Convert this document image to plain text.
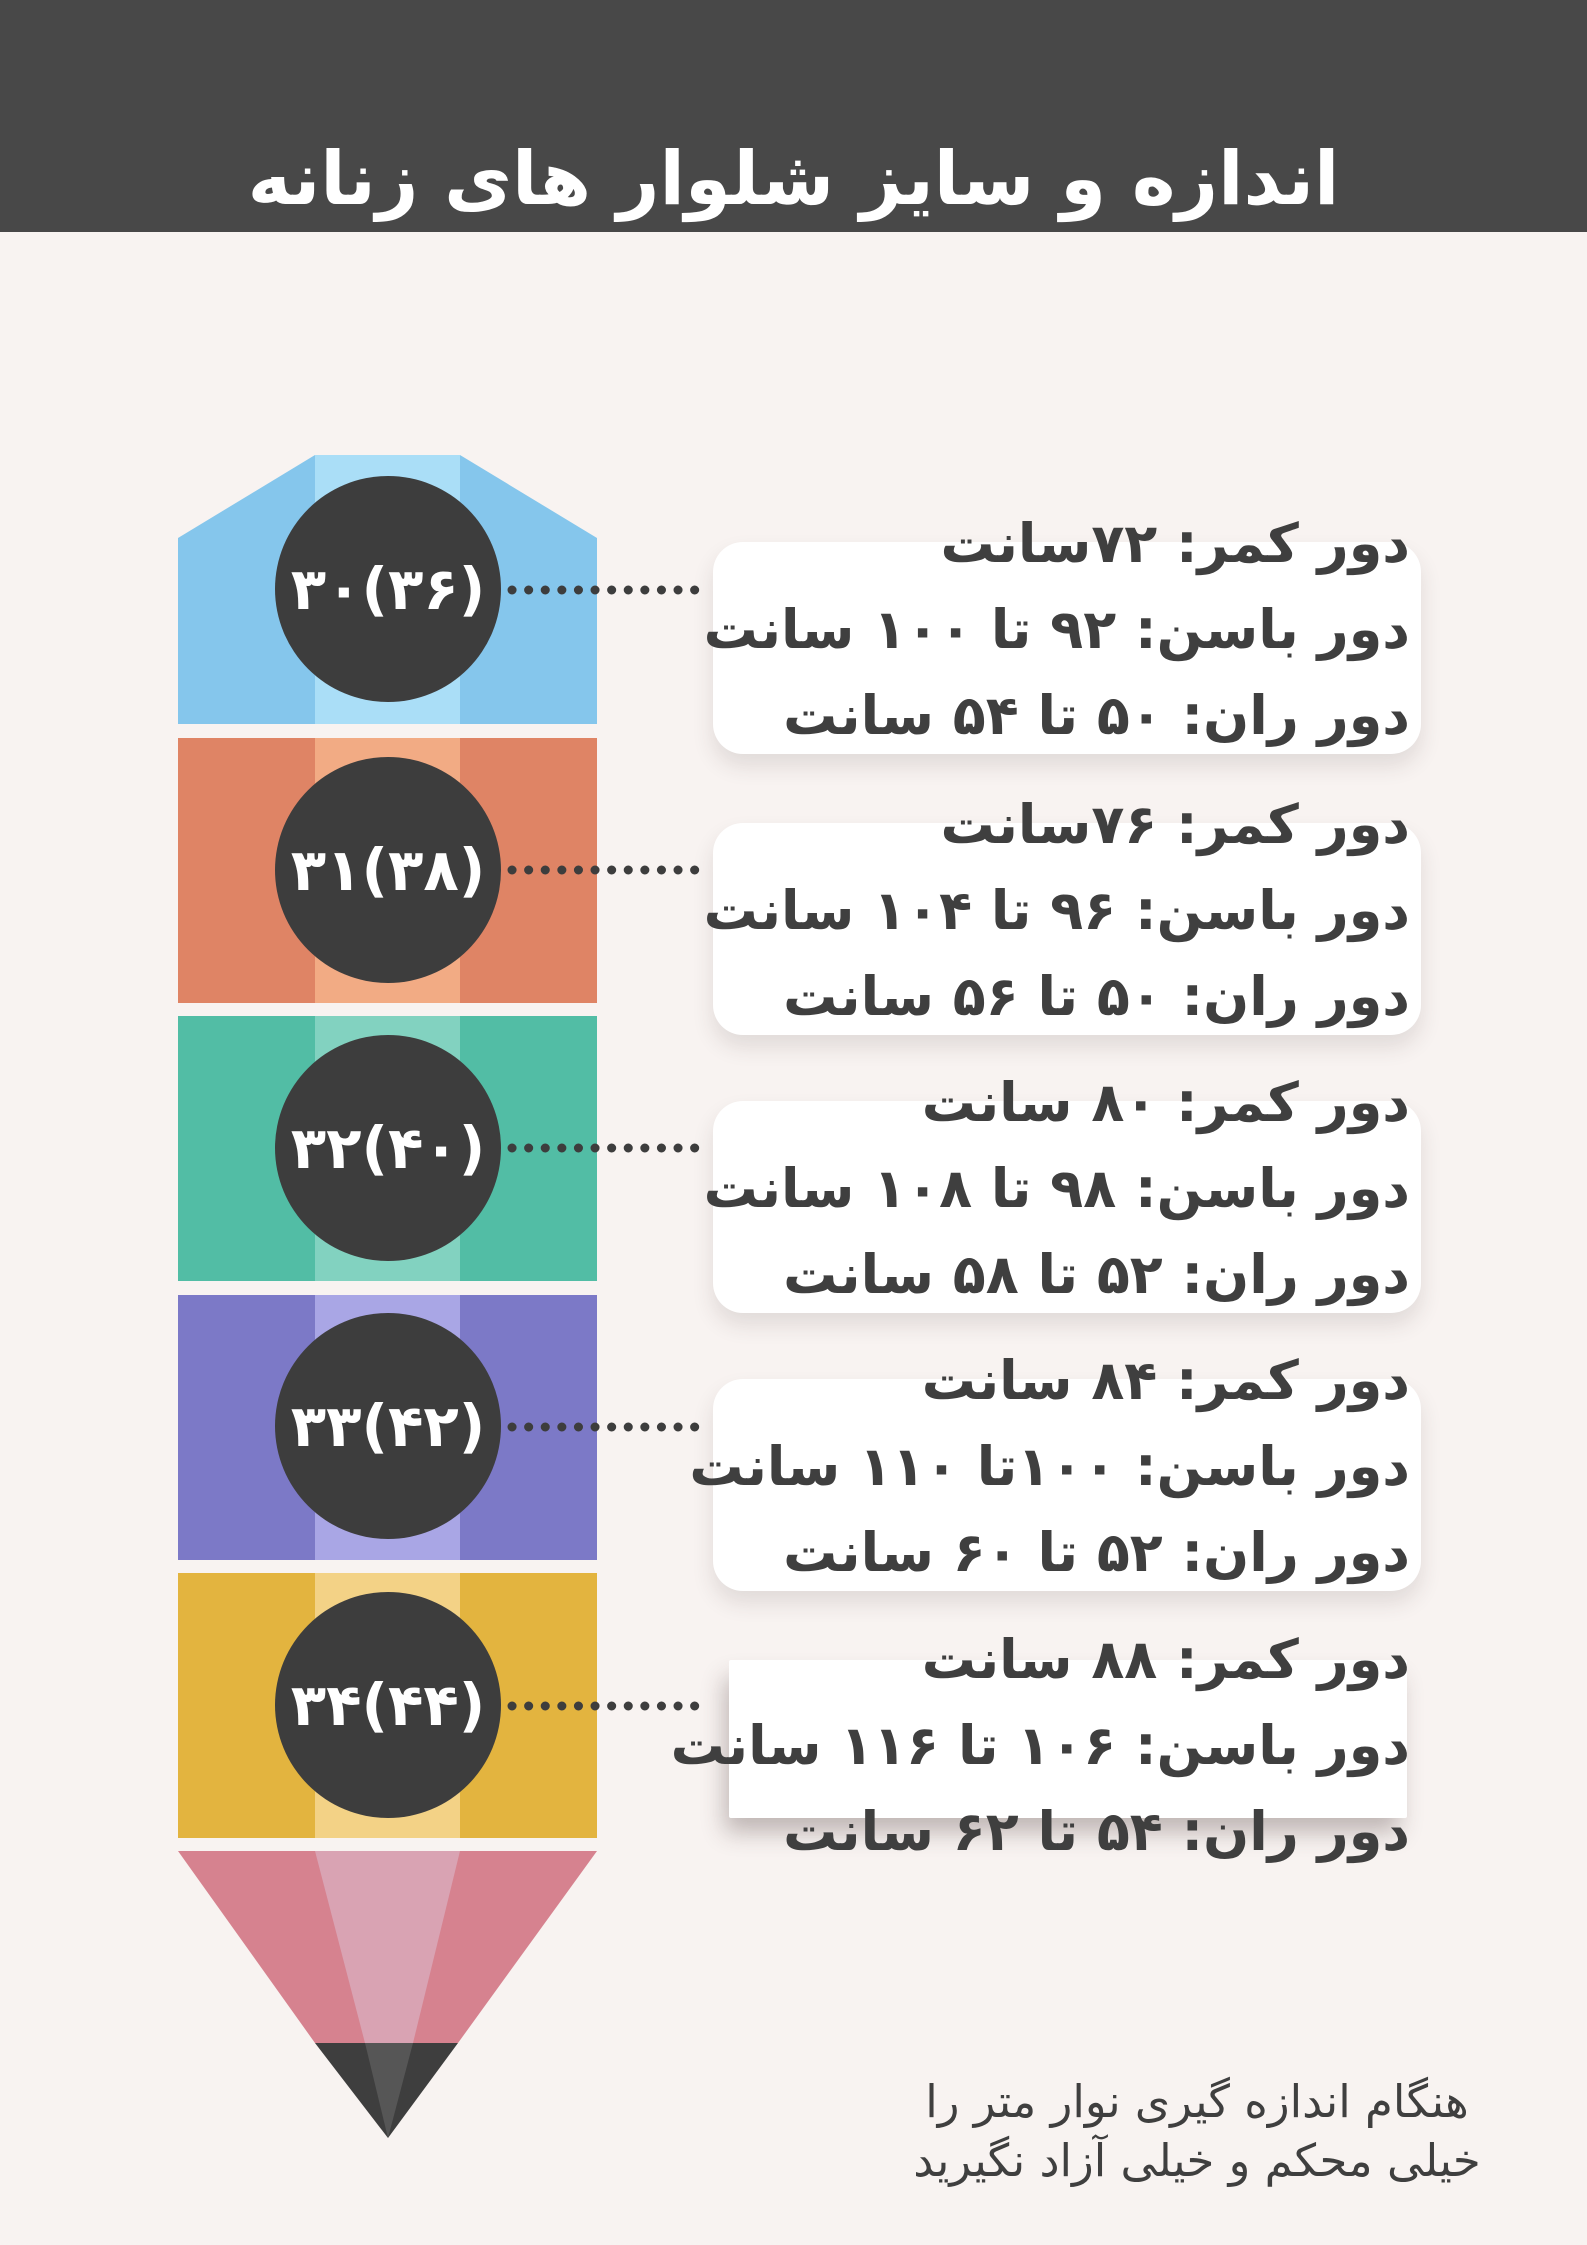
اندازه و سایز شلوار های زنانه
۳۰(۳۶)
دور کمر: ۷۲سانت
دور باسن: ۹۲ تا ۱۰۰ سانت
دور ران: ۵۰ تا ۵۴ سانت
۳۱(۳۸)
دور کمر: ۷۶سانت
دور باسن: ۹۶ تا ۱۰۴ سانت
دور ران: ۵۰ تا ۵۶ سانت
۳۲(۴۰)
دور کمر: ۸۰ سانت
دور باسن: ۹۸ تا ۱۰۸ سانت
دور ران: ۵۲ تا ۵۸ سانت
۳۳(۴۲)
دور کمر: ۸۴ سانت
دور باسن: ۱۰۰تا ۱۱۰ سانت
دور ران: ۵۲ تا ۶۰ سانت
۳۴(۴۴)
دور کمر: ۸۸ سانت
دور باسن: ۱۰۶ تا ۱۱۶ سانت
دور ران: ۵۴ تا ۶۲ سانت
هنگام اندازه گیری نوار متر را
خیلی محکم و خیلی آزاد نگیرید
